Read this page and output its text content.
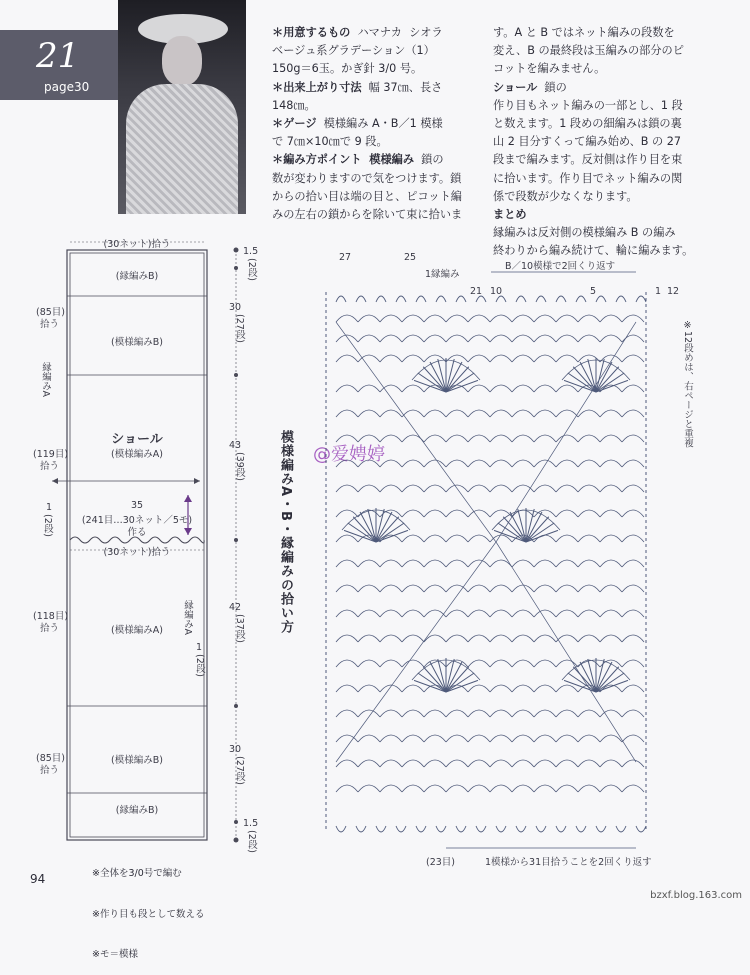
21
page30
＊用意するもの  ハマナカ  シオラ
ベージュ系グラデーション（1）
150g＝6玉。かぎ針 3/0 号。
＊出来上がり寸法  幅 37㎝、長さ
148㎝。
＊ゲージ  模様編み A・B／1 模様
で 7㎝×10㎝で 9 段。
＊編み方ポイント  模様編み  鎖の
数が変わりますので気をつけます。鎖
からの拾い目は端の目と、ピコット編
みの左右の鎖からを除いて束に拾いま
す。A と B ではネット編みの段数を
変え、B の最終段は玉編みの部分のピ
コットを編みません。
ショール  鎖の
作り目もネット編みの一部とし、1 段
と数えます。1 段めの細編みは鎖の裏
山 2 目分すくって編み始め、B の 27
段まで編みます。反対側は作り目を束
に拾います。作り目でネット編みの関
係で段数が少なくなります。
まとめ
縁編みは反対側の模様編み B の編み
終わりから編み続けて、輪に編みます。
(30ネット)拾う
(縁編みB)
(模様編みB)
ショール
(模様編みA)
35
(241目…30ネット／5モ)
作る
(30ネット)拾う
(模様編みA)
(模様編みB)
(縁編みB)
(85目)
拾う
縁編みA
(119目)
拾う
1
(2段)
(118目)
拾う
(85目)
拾う
縁編みA
1
(2段)
1.5
(2段)
30
(27段)
43
(39段)
42
(37段)
30
(27段)
1.5
(2段)

※全体を3/0号で編む

※作り目も段として数える

※モ＝模様

模様編みA・B・縁編みの拾い方 @爱娉婷
B／10模様で2回くり返す
27	25
1縁編み
21 10	5	1 12
※12段めは、右ページと重複
1模様から31目拾うことを2回くり返す
(23目)
94
bzxf.blog.163.com
